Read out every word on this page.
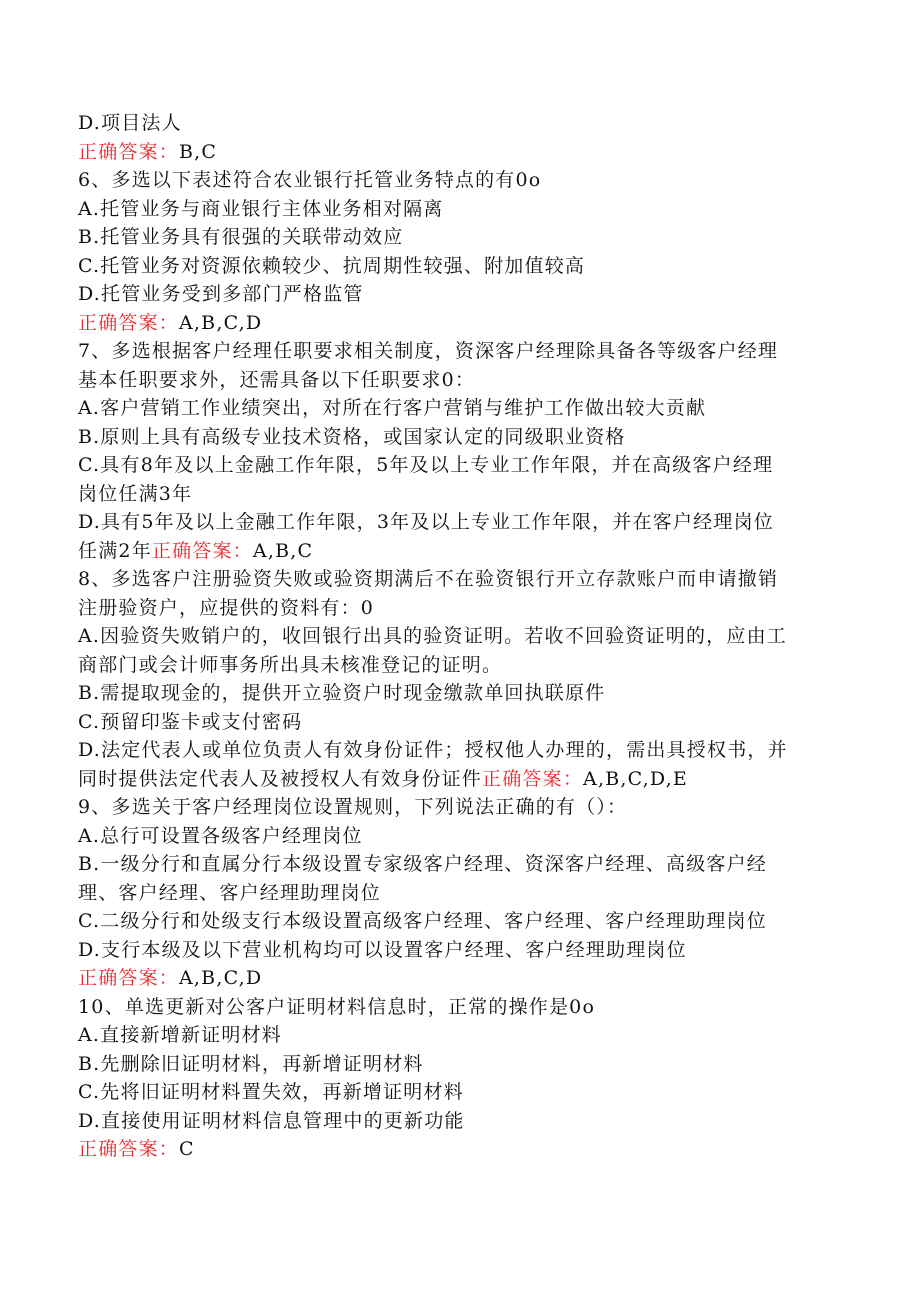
D.项目法人
正确答案：B,C
6、多选以下表述符合农业银行托管业务特点的有0o
A.托管业务与商业银行主体业务相对隔离
B.托管业务具有很强的关联带动效应
C.托管业务对资源依赖较少、抗周期性较强、附加值较高
D.托管业务受到多部门严格监管
正确答案：A,B,C,D
7、多选根据客户经理任职要求相关制度，资深客户经理除具备各等级客户经理
基本任职要求外，还需具备以下任职要求0：
A.客户营销工作业绩突出，对所在行客户营销与维护工作做出较大贡献
B.原则上具有高级专业技术资格，或国家认定的同级职业资格
C.具有8年及以上金融工作年限，5年及以上专业工作年限，并在高级客户经理
岗位任满3年
D.具有5年及以上金融工作年限，3年及以上专业工作年限，并在客户经理岗位
任满2年正确答案：A,B,C
8、多选客户注册验资失败或验资期满后不在验资银行开立存款账户而申请撤销
注册验资户，应提供的资料有：0
A.因验资失败销户的，收回银行出具的验资证明。若收不回验资证明的，应由工
商部门或会计师事务所出具未核准登记的证明。
B.需提取现金的，提供开立验资户时现金缴款单回执联原件
C.预留印鉴卡或支付密码
D.法定代表人或单位负责人有效身份证件；授权他人办理的，需出具授权书，并
同时提供法定代表人及被授权人有效身份证件正确答案：A,B,C,D,E
9、多选关于客户经理岗位设置规则，下列说法正确的有（）：
A.总行可设置各级客户经理岗位
B.一级分行和直属分行本级设置专家级客户经理、资深客户经理、高级客户经
理、客户经理、客户经理助理岗位
C.二级分行和处级支行本级设置高级客户经理、客户经理、客户经理助理岗位
D.支行本级及以下营业机构均可以设置客户经理、客户经理助理岗位
正确答案：A,B,C,D
10、单选更新对公客户证明材料信息时，正常的操作是0o
A.直接新增新证明材料
B.先删除旧证明材料，再新增证明材料
C.先将旧证明材料置失效，再新增证明材料
D.直接使用证明材料信息管理中的更新功能
正确答案：C
